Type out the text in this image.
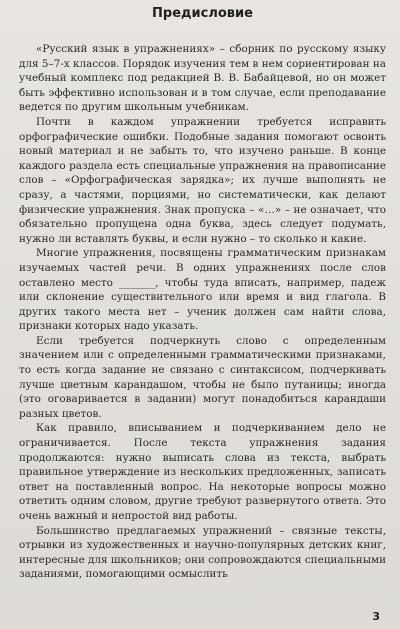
Предисловие

«Русский язык в упражнениях» – сборник по русскому языку для 5–7-х классов. Порядок изучения тем в нем сориентирован на учебный комплекс под редакцией В. В. Бабайцевой, но он может быть эффективно использован и в том случае, если преподавание ведется по другим школьным учебникам.

Почти в каждом упражнении требуется исправить орфографические ошибки. Подобные задания помогают освоить новый материал и не забыть то, что изучено раньше. В конце каждого раздела есть специальные упражнения на правописание слов – «Орфографическая зарядка»; их лучше выполнять не сразу, а частями, порциями, но систематически, как делают физические упражнения. Знак пропуска – «…» – не означает, что обязательно пропущена одна буква, здесь следует подумать, нужно ли вставлять буквы, и если нужно – то сколько и какие.

Многие упражнения, посвящены грамматическим признакам изучаемых частей речи. В одних упражнениях после слов оставлено место _______, чтобы туда вписать, например, падеж или склонение существительного или время и вид глагола. В других такого места нет – ученик должен сам найти слова, признаки которых надо указать.

Если требуется подчеркнуть слово с определенным значением или с определенными грамматическими признаками, то есть когда задание не связано с синтаксисом, подчеркивать лучше цветным карандашом, чтобы не было путаницы; иногда (это оговаривается в задании) могут понадобиться карандаши разных цветов.

Как правило, вписыванием и подчеркиванием дело не ограничивается. После текста упражнения задания продолжаются: нужно выписать слова из текста, выбрать правильное утверждение из нескольких предложенных, записать ответ на поставленный вопрос. На некоторые вопросы можно ответить одним словом, другие требуют развернутого ответа. Это очень важный и непростой вид работы.

Большинство предлагаемых упражнений – связные тексты, отрывки из художественных и научно-популярных детских книг, интересные для школьников; они сопровождаются специальными заданиями, помогающими осмыслить

3
